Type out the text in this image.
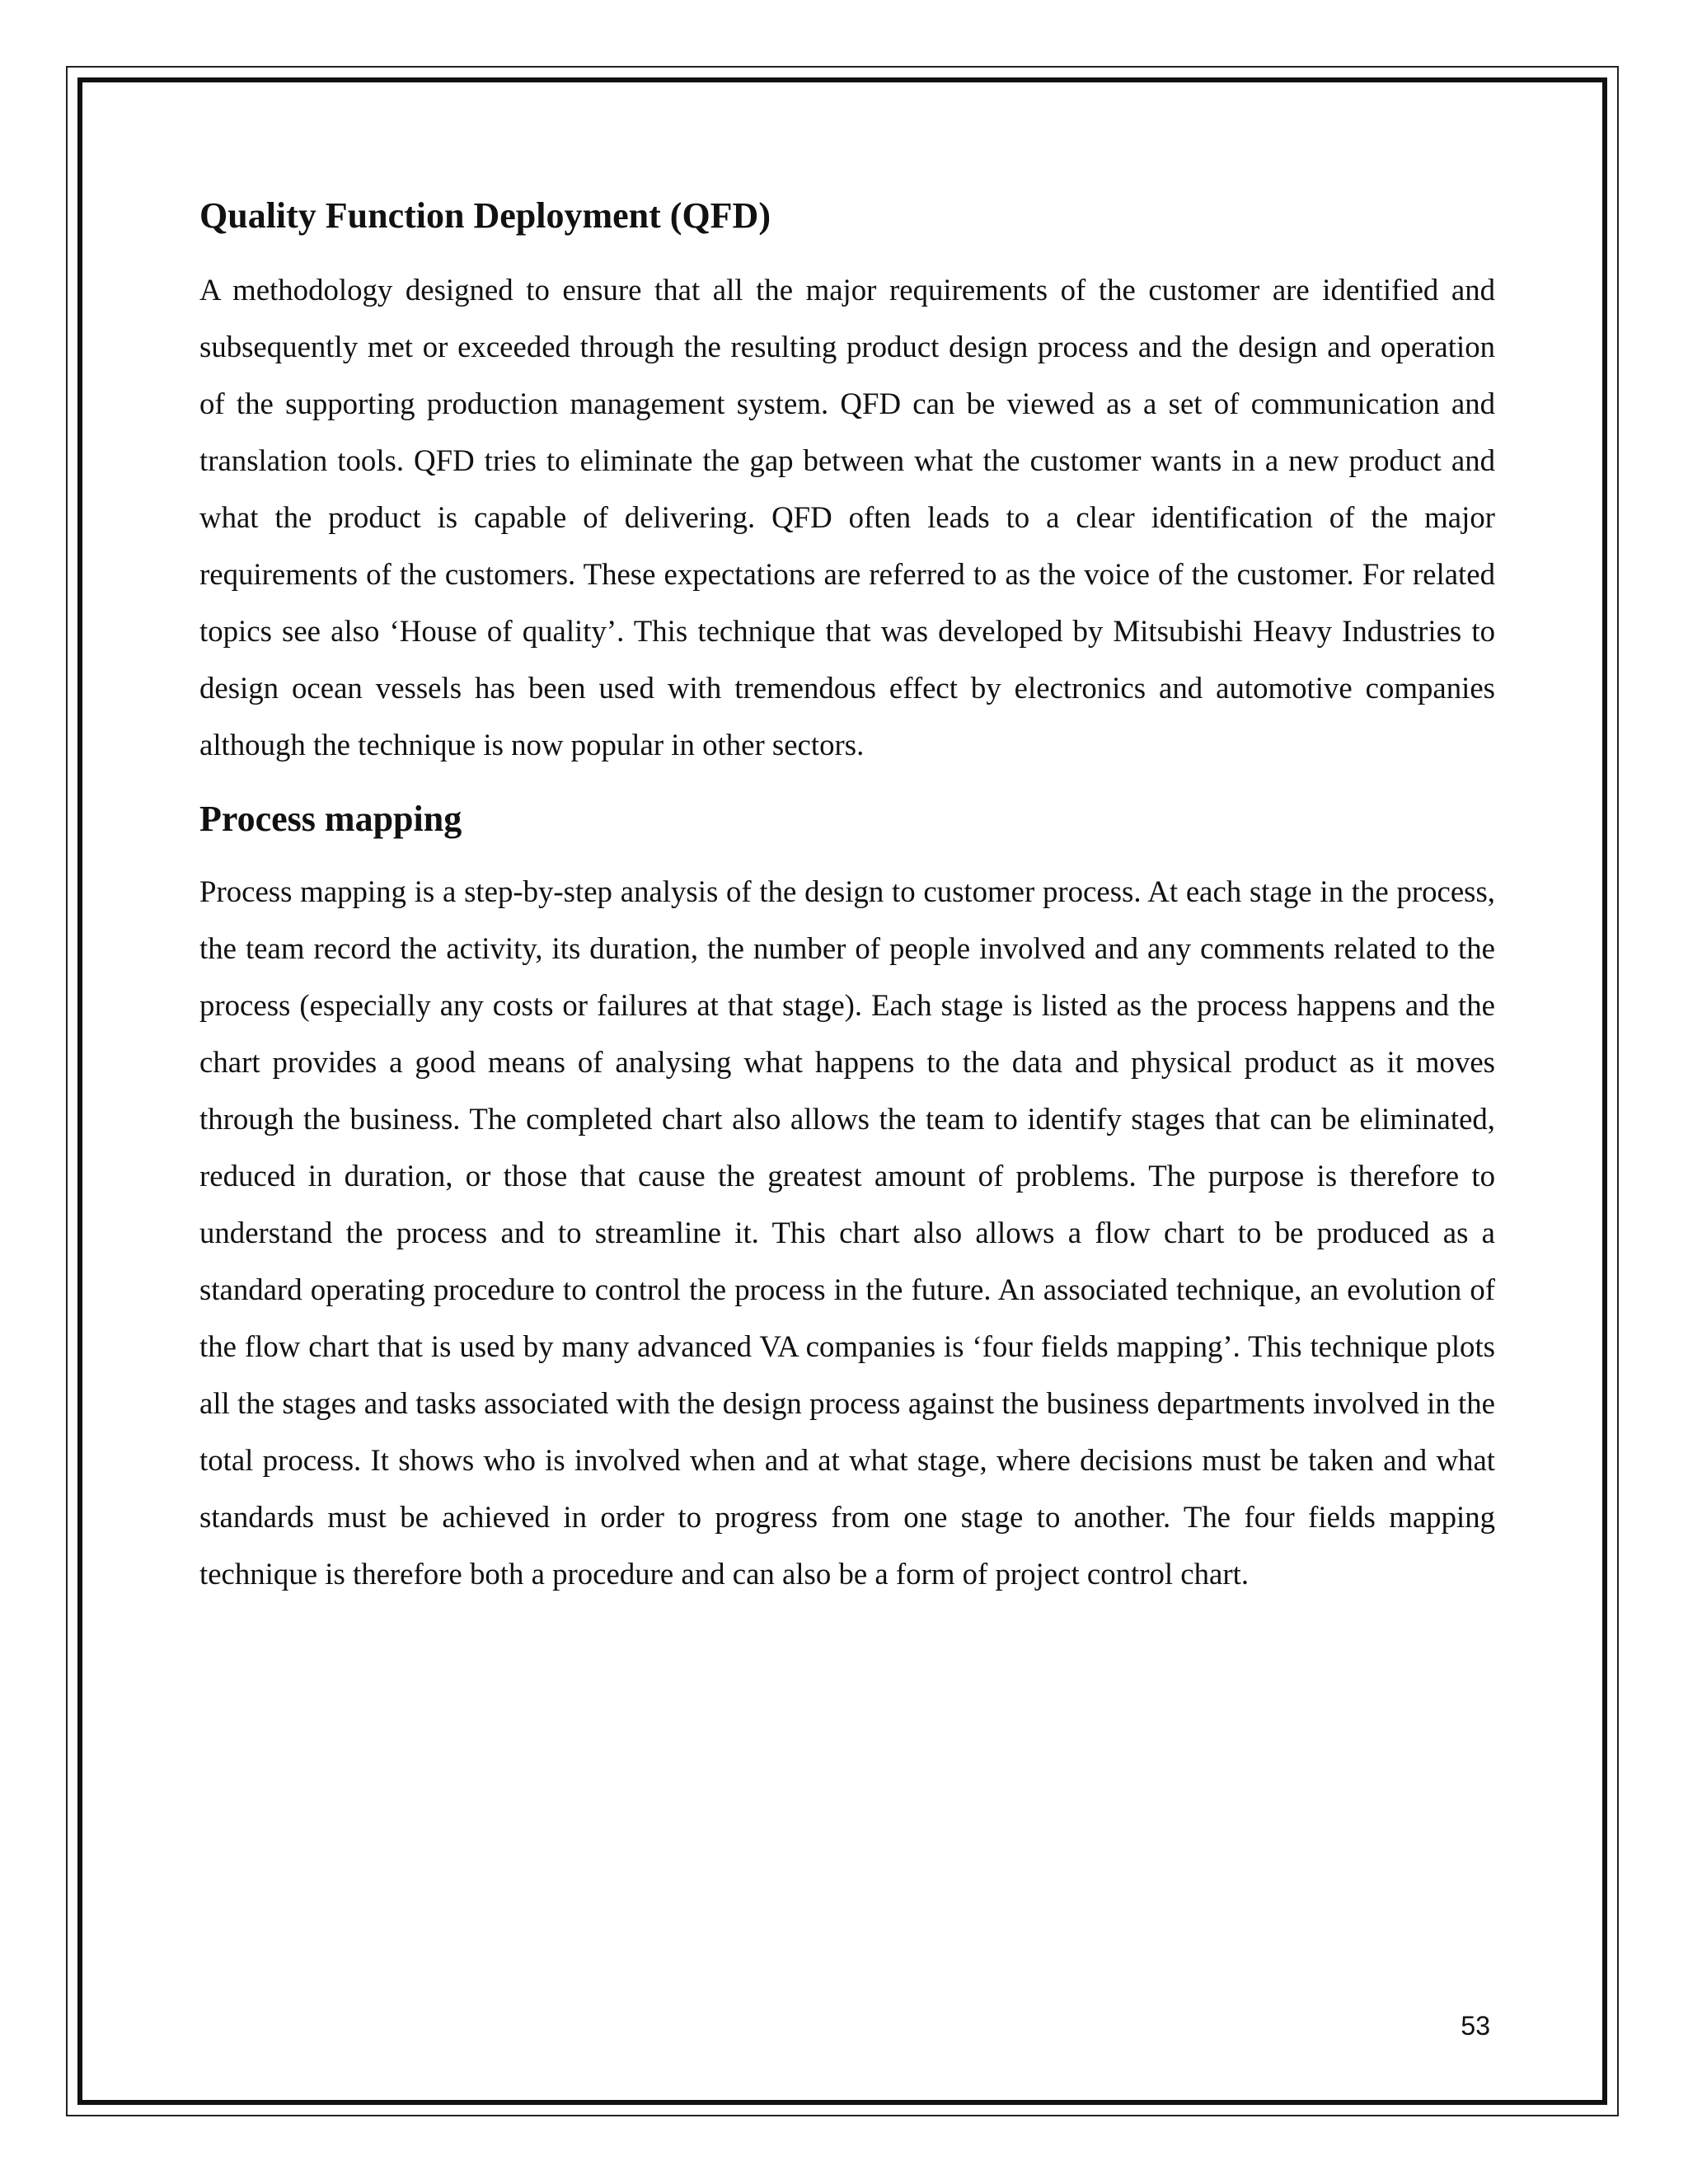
Quality Function Deployment (QFD)

A methodology designed to ensure that all the major requirements of the customer are identified and subsequently met or exceeded through the resulting product design process and the design and operation of the supporting production management system. QFD can be viewed as a set of communication and translation tools. QFD tries to eliminate the gap between what the customer wants in a new product and what the product is capable of delivering. QFD often leads to a clear identification of the major requirements of the customers. These expectations are referred to as the voice of the customer. For related topics see also ‘House of quality’. This technique that was developed by Mitsubishi Heavy Industries to design ocean vessels has been used with tremendous effect by electronics and automotive companies although the technique is now popular in other sectors.

Process mapping

Process mapping is a step-by-step analysis of the design to customer process. At each stage in the process, the team record the activity, its duration, the number of people involved and any comments related to the process (especially any costs or failures at that stage). Each stage is listed as the process happens and the chart provides a good means of analysing what happens to the data and physical product as it moves through the business. The completed chart also allows the team to identify stages that can be eliminated, reduced in duration, or those that cause the greatest amount of problems. The purpose is therefore to understand the process and to streamline it. This chart also allows a flow chart to be produced as a standard operating procedure to control the process in the future. An associated technique, an evolution of the flow chart that is used by many advanced VA companies is ‘four fields mapping’. This technique plots all the stages and tasks associated with the design process against the business departments involved in the total process. It shows who is involved when and at what stage, where decisions must be taken and what standards must be achieved in order to progress from one stage to another. The four fields mapping technique is therefore both a procedure and can also be a form of project control chart.

53
